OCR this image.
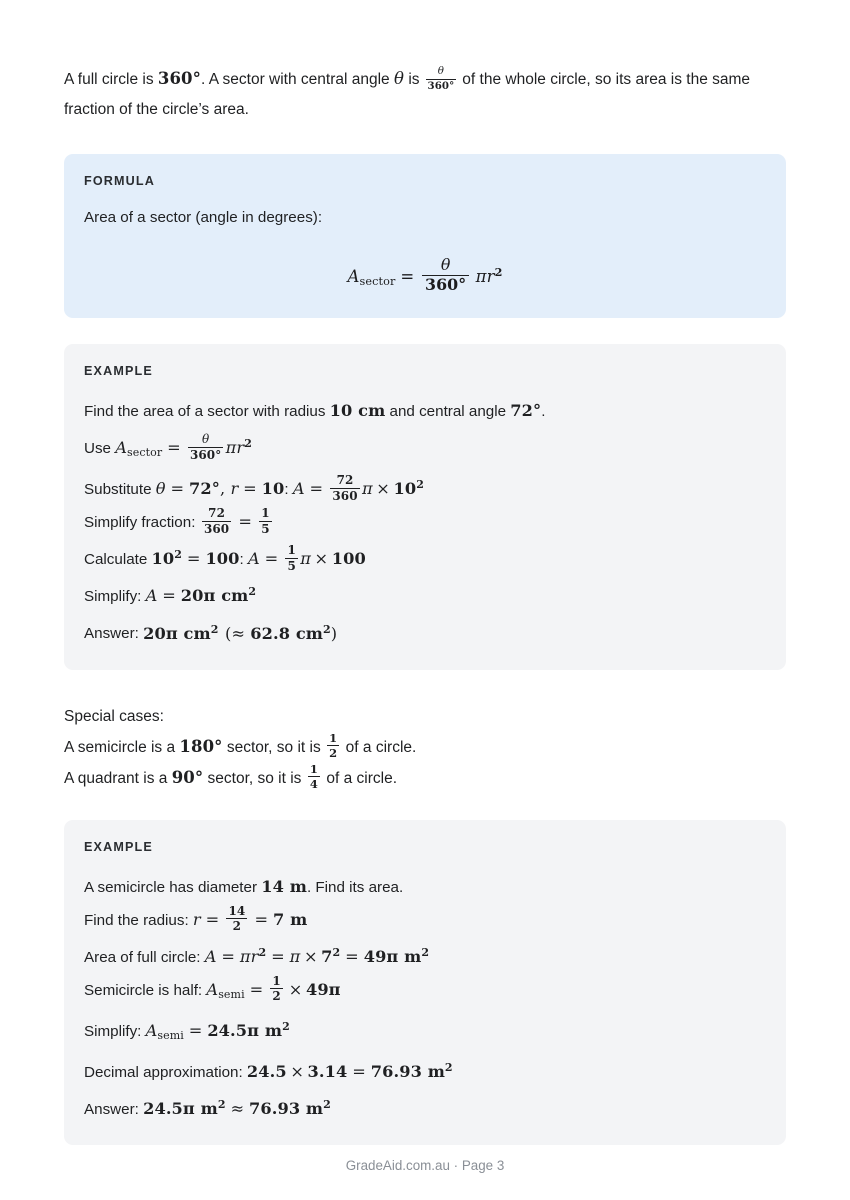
A full circle is 360°. A sector with central angle θ is $\frac{\theta}{360^\circ}$ of the whole circle, so its area is the same fraction of the circle’s area.

FORMULA
Area of a sector (angle in degrees):
Asector = $\frac{\theta}{360^\circ} \pi r^2$
EXAMPLE
Find the area of a sector with radius 10 cm and central angle 72°.
Use Asector = $\frac{\theta}{360^\circ} \pi r^2$
Substitute θ = 72°, r = 10: $A = \frac{72}{360}$ $\pi \times 10^2$
Simplify fraction: $\frac{72}{360} = \frac{1}{5}$
Calculate $10^2 = 100$: $A = \frac{1}{5}$ π × 100
Simplify: A = 20π $cm^2$
Answer: 20π $cm^2$ (≈ 62.8 $cm^2$)
Special cases:
A semicircle is a 180° sector, so it is $\frac{1}{2}$ of a circle.
A quadrant is a 90° sector, so it is $\frac{1}{4}$ of a circle.
EXAMPLE
A semicircle has diameter 14 m. Find its area.
Find the radius: $r = \frac{14}{2} = 7$ m
Area of full circle: $A = \pi r^2 = \pi \times 7^2 = 49\pi$ $m^2$
Semicircle is half: Asemi = $\frac{1}{2} \times 49\pi$
Simplify: Asemi = 24.5π $m^2$
Decimal approximation: 24.5 × 3.14 = 76.93 $m^2$
Answer: 24.5π $m^2 \approx 76.93$ $m^2$
GradeAid.com.au · Page 3
